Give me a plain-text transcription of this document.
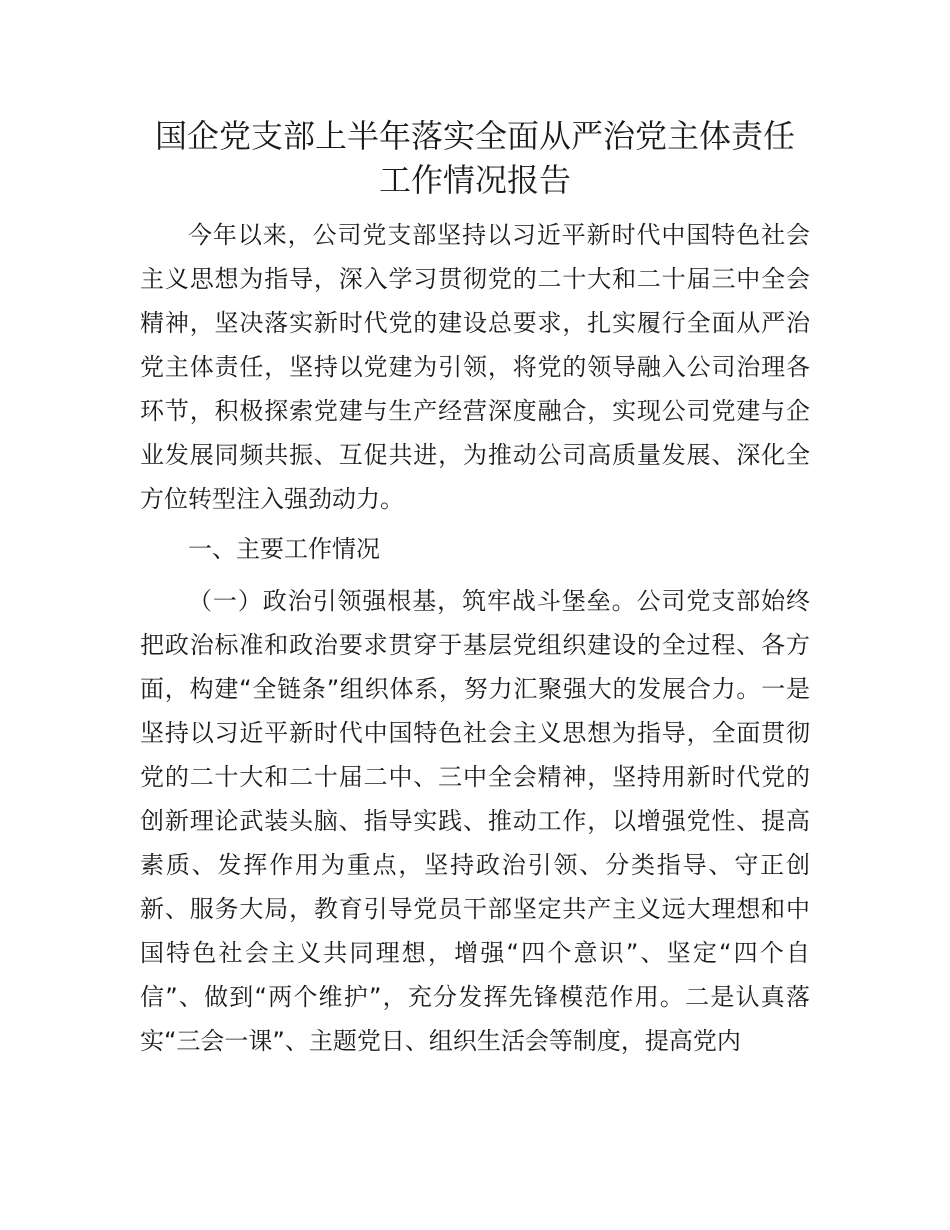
国企党支部上半年落实全面从严治党主体责任
工作情况报告

今年以来，公司党支部坚持以习近平新时代中国特色社会主义思想为指导，深入学习贯彻党的二十大和二十届三中全会精神，坚决落实新时代党的建设总要求，扎实履行全面从严治党主体责任，坚持以党建为引领，将党的领导融入公司治理各环节，积极探索党建与生产经营深度融合，实现公司党建与企业发展同频共振、互促共进，为推动公司高质量发展、深化全方位转型注入强劲动力。

一、主要工作情况

（一）政治引领强根基，筑牢战斗堡垒。公司党支部始终把政治标准和政治要求贯穿于基层党组织建设的全过程、各方面，构建“全链条”组织体系，努力汇聚强大的发展合力。一是坚持以习近平新时代中国特色社会主义思想为指导，全面贯彻党的二十大和二十届二中、三中全会精神，坚持用新时代党的创新理论武装头脑、指导实践、推动工作，以增强党性、提高素质、发挥作用为重点，坚持政治引领、分类指导、守正创新、服务大局，教育引导党员干部坚定共产主义远大理想和中国特色社会主义共同理想，增强“四个意识”、坚定“四个自信”、做到“两个维护”，充分发挥先锋模范作用。二是认真落实“三会一课”、主题党日、组织生活会等制度，提高党内
